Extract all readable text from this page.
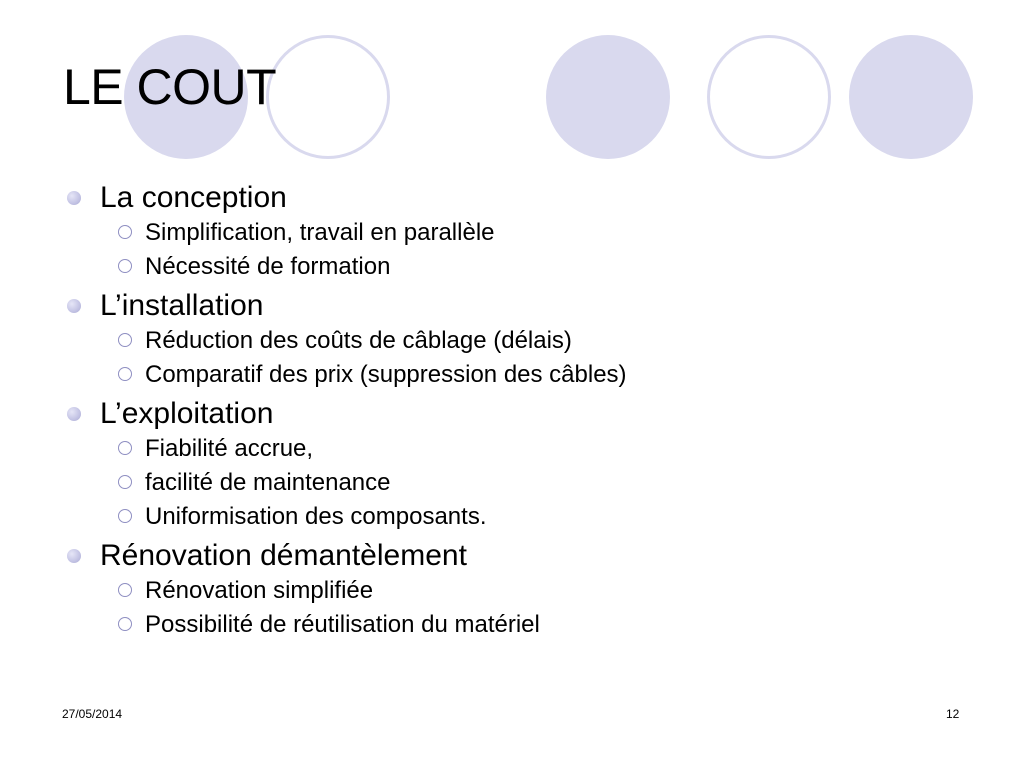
LE COUT
La conception
Simplification, travail en parallèle
Nécessité de formation
L’installation
Réduction des coûts de câblage (délais)
Comparatif des prix (suppression des câbles)
L’exploitation
Fiabilité accrue,
facilité de maintenance
Uniformisation des composants.
Rénovation démantèlement
Rénovation simplifiée
Possibilité de réutilisation du matériel
27/05/2014	12
